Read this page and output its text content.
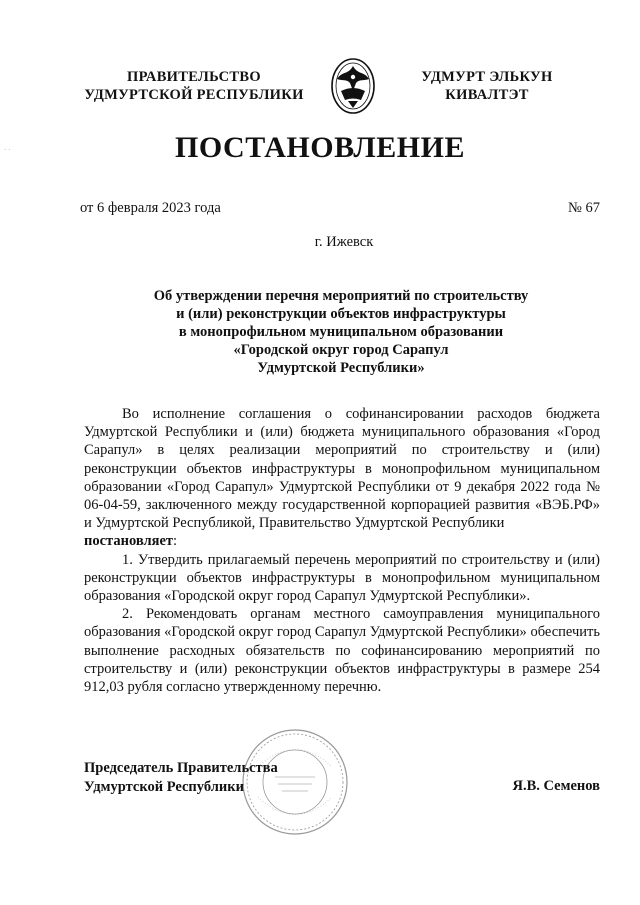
ПРАВИТЕЛЬСТВО
УДМУРТСКОЙ РЕСПУБЛИКИ
УДМУРТ ЭЛЬКУН
КИВАЛТЭТ
· ·	ПОСТАНОВЛЕНИЕ
от 6 февраля 2023 года	№ 67
г. Ижевск
Об утверждении перечня мероприятий по строительству
и (или) реконструкции объектов инфраструктуры
в монопрофильном муниципальном образовании
«Городской округ город Сарапул
Удмуртской Республики»

Во исполнение соглашения о софинансировании расходов бюджета Удмуртской Республики и (или) бюджета муниципального образования «Город Сарапул» в целях реализации мероприятий по строительству и (или) реконструкции объектов инфраструктуры в монопрофильном муниципальном образовании «Город Сарапул» Удмуртской Республики от 9 декабря 2022 года № 06-04-59, заключенного между государственной корпорацией развития «ВЭБ.РФ» и Удмуртской Республикой, Правительство Удмуртской Республики

постановляет:

1. Утвердить прилагаемый перечень мероприятий по строительству и (или) реконструкции объектов инфраструктуры в монопрофильном муниципальном образования «Городской округ город Сарапул Удмуртской Республики».

2. Рекомендовать органам местного самоуправления муниципального образования «Городской округ город Сарапул Удмуртской Республики» обеспечить выполнение расходных обязательств по софинансированию мероприятий по строительству и (или) реконструкции объектов инфраструктуры в размере 254 912,03 рубля согласно утвержденному перечню.

Председатель Правительства
Удмуртской Республики	Я.В. Семенов
